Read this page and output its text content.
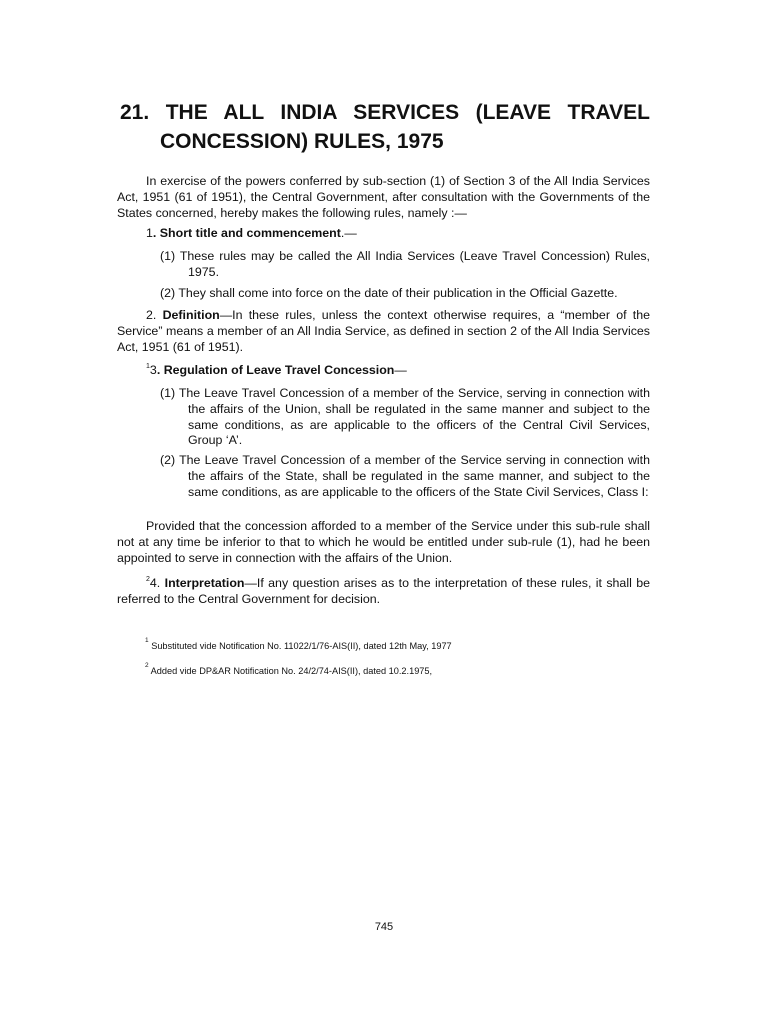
21. THE ALL INDIA SERVICES (LEAVE TRAVEL
CONCESSION) RULES, 1975

In exercise of the powers conferred by sub-section (1) of Section 3 of the All India Services Act, 1951 (61 of 1951), the Central Government, after consultation with the Governments of the States concerned, hereby makes the following rules, namely :—

1. Short title and commencement.—

(1) These rules may be called the All India Services (Leave Travel Concession) Rules, 1975.

(2) They shall come into force on the date of their publication in the Official Gazette.

2. Definition—In these rules, unless the context otherwise requires, a “member of the Service” means a member of an All India Service, as defined in section 2 of the All India Services Act, 1951 (61 of 1951).

$^1$3. Regulation of Leave Travel Concession—

(1) The Leave Travel Concession of a member of the Service, serving in connection with the affairs of the Union, shall be regulated in the same manner and subject to the same conditions, as are applicable to the officers of the Central Civil Services, Group ‘A’.

(2) The Leave Travel Concession of a member of the Service serving in connection with the affairs of the State, shall be regulated in the same manner, and subject to the same conditions, as are applicable to the officers of the State Civil Services, Class I:

Provided that the concession afforded to a member of the Service under this sub-rule shall not at any time be inferior to that to which he would be entitled under sub-rule (1), had he been appointed to serve in connection with the affairs of the Union.

$^2$4. Interpretation—If any question arises as to the interpretation of these rules, it shall be referred to the Central Government for decision.

$^1$ Substituted vide Notification No. 11022/1/76-AIS(II), dated 12th May, 1977
$^2$ Added vide DP&AR Notification No. 24/2/74-AIS(II), dated 10.2.1975,
745
